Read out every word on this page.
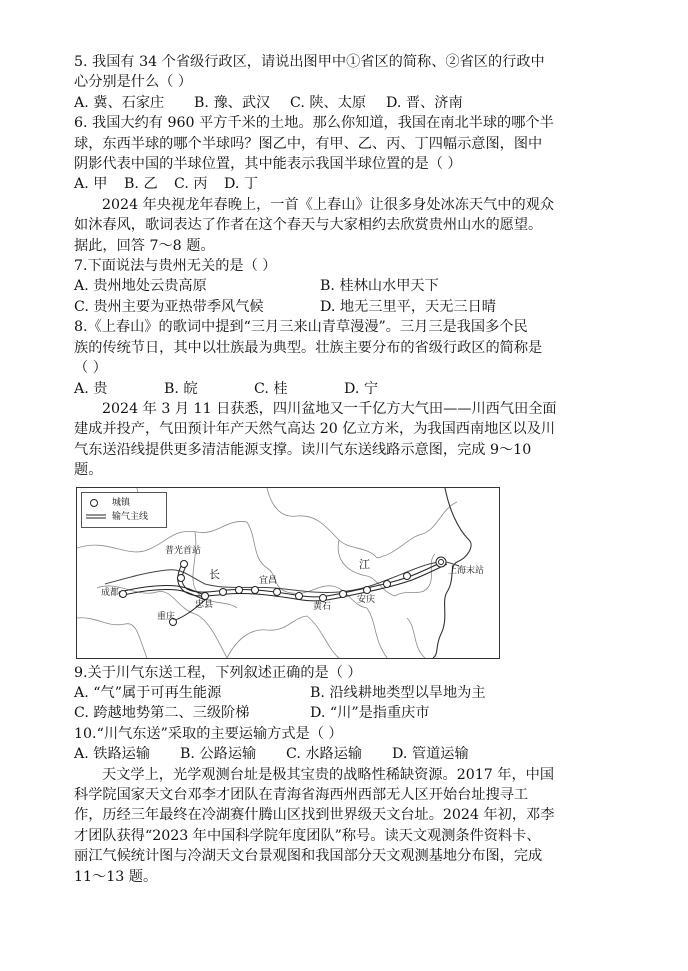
5. 我国有 34 个省级行政区，请说出图甲中①省区的简称、②省区的行政中
心分别是什么（ ）
A. 冀、石家庄	B. 豫、武汉	C. 陕、太原	D. 晋、济南
6. 我国大约有 960 平方千米的土地。那么你知道，我国在南北半球的哪个半
球，东西半球的哪个半球吗？图乙中，有甲、乙、丙、丁四幅示意图，图中
阴影代表中国的半球位置，其中能表示我国半球位置的是（ ）
A. 甲	B. 乙	C. 丙	D. 丁
2024 年央视龙年春晚上，一首《上春山》让很多身处冰冻天气中的观众
如沐春风，歌词表达了作者在这个春天与大家相约去欣赏贵州山水的愿望。
据此，回答 7～8 题。
7.下面说法与贵州无关的是（ ）
A. 贵州地处云贵高原	B. 桂林山水甲天下
C. 贵州主要为亚热带季风气候	D. 地无三里平，天无三日晴
8.《上春山》的歌词中提到“三月三来山青草漫漫”。三月三是我国多个民
族的传统节日，其中以壮族最为典型。壮族主要分布的省级行政区的简称是
（ ）
A. 贵	B. 皖	C. 桂	D. 宁
2024 年 3 月 11 日获悉，四川盆地又一千亿方大气田——川西气田全面
建成并投产，气田预计年产天然气高达 20 亿立方米，为我国西南地区以及川
气东送沿线提供更多清洁能源支撑。读川气东送线路示意图，完成 9～10
题。
城镇
输气主线
普光首站
成都
重庆
忠县
长	宜昌
江
黄石
安庆
上海末站
9.关于川气东送工程，下列叙述正确的是（ ）
A. “气”属于可再生能源	B. 沿线耕地类型以旱地为主
C. 跨越地势第二、三级阶梯	D. “川”是指重庆市
10.“川气东送”采取的主要运输方式是（ ）
A. 铁路运输	B. 公路运输	C. 水路运输	D. 管道运输
天文学上，光学观测台址是极其宝贵的战略性稀缺资源。2017 年，中国
科学院国家天文台邓李才团队在青海省海西州西部无人区开始台址搜寻工
作，历经三年最终在冷湖赛什腾山区找到世界级天文台址。2024 年初，邓李
才团队获得“2023 年中国科学院年度团队”称号。读天文观测条件资料卡、
丽江气候统计图与冷湖天文台景观图和我国部分天文观测基地分布图，完成
11～13 题。
